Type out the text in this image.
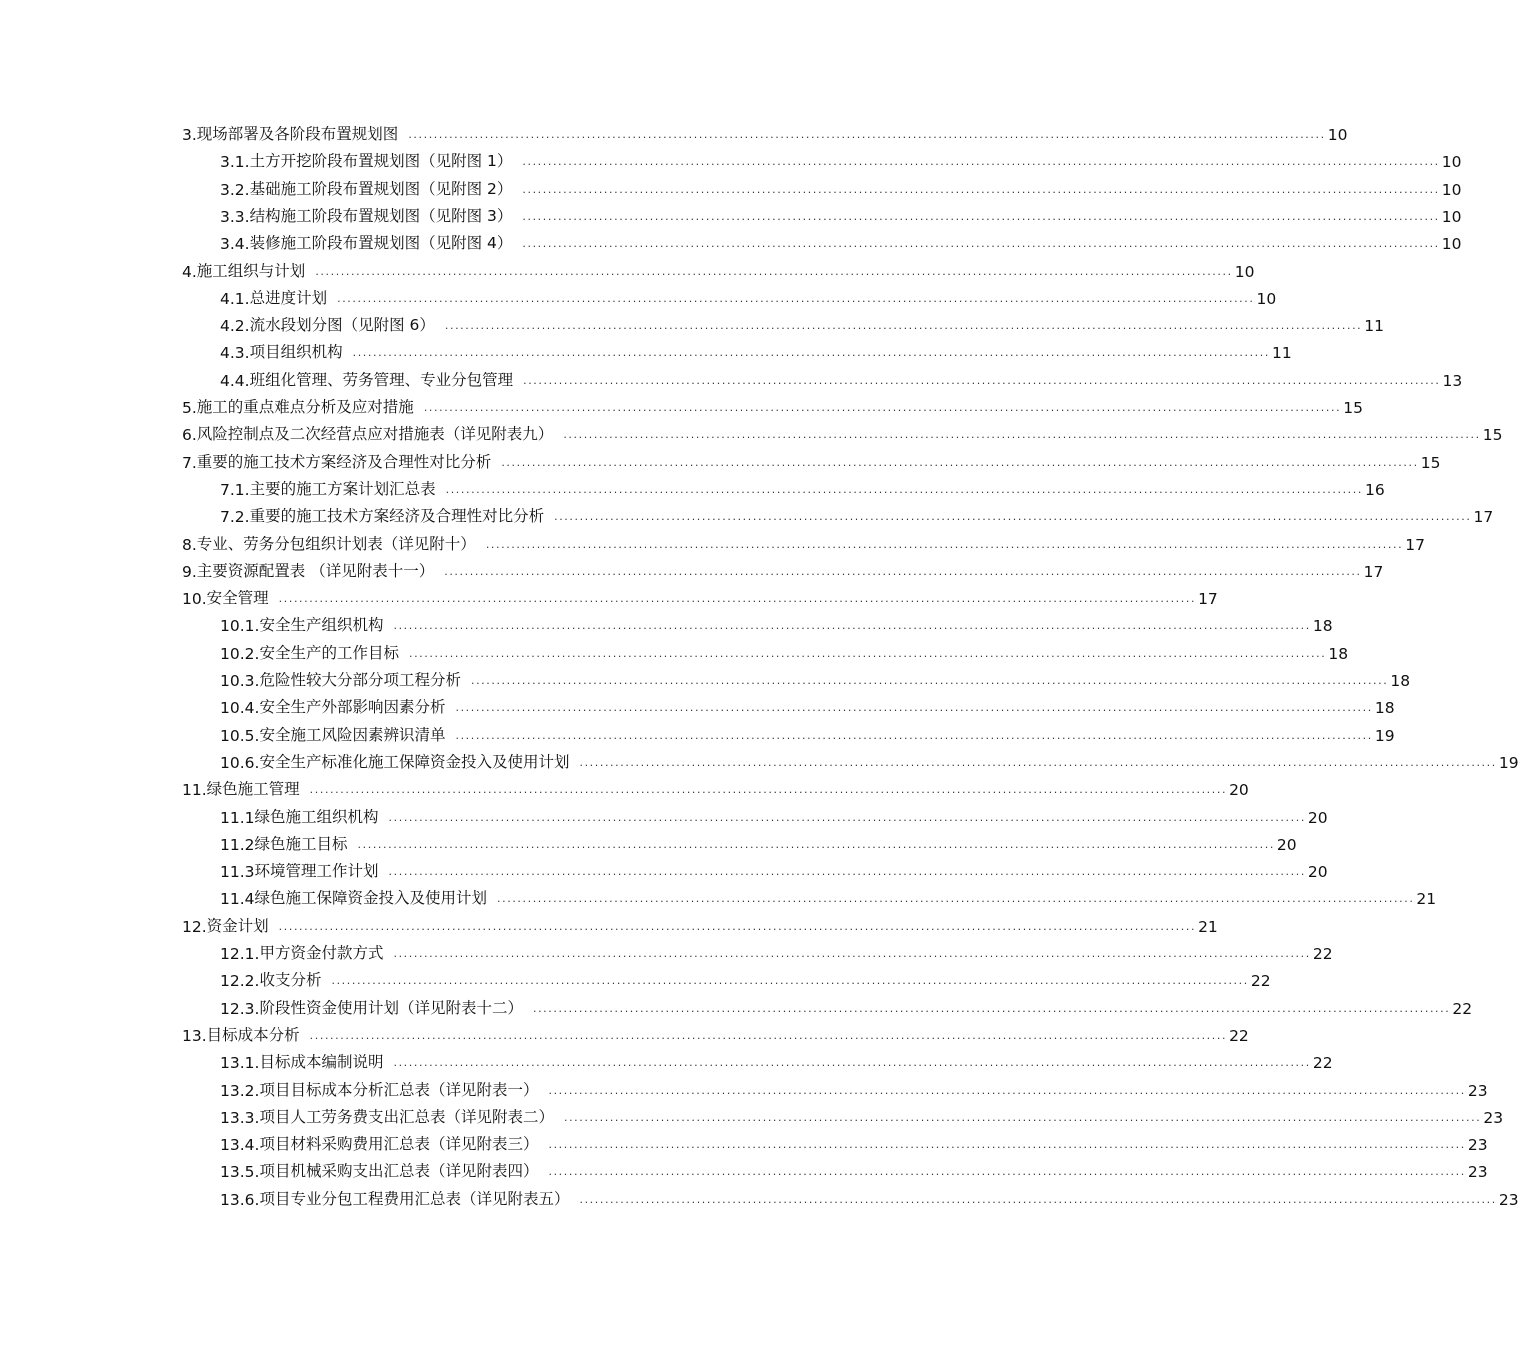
3. 现场部署及各阶段布置规划图 .................................................................................................................................................................................... 10
3.1. 土方开挖阶段布置规划图（见附图 1） .................................................................................................................................................................................... 10
3.2. 基础施工阶段布置规划图（见附图 2） .................................................................................................................................................................................... 10
3.3. 结构施工阶段布置规划图（见附图 3） .................................................................................................................................................................................... 10
3.4. 装修施工阶段布置规划图（见附图 4） .................................................................................................................................................................................... 10
4. 施工组织与计划 .................................................................................................................................................................................... 10
4.1. 总进度计划 .................................................................................................................................................................................... 10
4.2. 流水段划分图（见附图 6） .................................................................................................................................................................................... 11
4.3. 项目组织机构 .................................................................................................................................................................................... 11
4.4. 班组化管理、劳务管理、专业分包管理 .................................................................................................................................................................................... 13
5. 施工的重点难点分析及应对措施 .................................................................................................................................................................................... 15
6. 风险控制点及二次经营点应对措施表（详见附表九） .................................................................................................................................................................................... 15
7. 重要的施工技术方案经济及合理性对比分析 .................................................................................................................................................................................... 15
7.1. 主要的施工方案计划汇总表 .................................................................................................................................................................................... 16
7.2. 重要的施工技术方案经济及合理性对比分析 .................................................................................................................................................................................... 17
8. 专业、劳务分包组织计划表（详见附十） .................................................................................................................................................................................... 17
9. 主要资源配置表 （详见附表十一） .................................................................................................................................................................................... 17
10. 安全管理 .................................................................................................................................................................................... 17
10.1. 安全生产组织机构 .................................................................................................................................................................................... 18
10.2. 安全生产的工作目标 .................................................................................................................................................................................... 18
10.3. 危险性较大分部分项工程分析 .................................................................................................................................................................................... 18
10.4. 安全生产外部影响因素分析 .................................................................................................................................................................................... 18
10.5. 安全施工风险因素辨识清单 .................................................................................................................................................................................... 19
10.6. 安全生产标准化施工保障资金投入及使用计划 .................................................................................................................................................................................... 19
11. 绿色施工管理 .................................................................................................................................................................................... 20
11.1 绿色施工组织机构 .................................................................................................................................................................................... 20
11.2 绿色施工目标 .................................................................................................................................................................................... 20
11.3 环境管理工作计划 .................................................................................................................................................................................... 20
11.4 绿色施工保障资金投入及使用计划 .................................................................................................................................................................................... 21
12. 资金计划 .................................................................................................................................................................................... 21
12.1. 甲方资金付款方式 .................................................................................................................................................................................... 22
12.2. 收支分析 .................................................................................................................................................................................... 22
12.3. 阶段性资金使用计划（详见附表十二） .................................................................................................................................................................................... 22
13. 目标成本分析 .................................................................................................................................................................................... 22
13.1. 目标成本编制说明 .................................................................................................................................................................................... 22
13.2. 项目目标成本分析汇总表（详见附表一） .................................................................................................................................................................................... 23
13.3. 项目人工劳务费支出汇总表（详见附表二） .................................................................................................................................................................................... 23
13.4. 项目材料采购费用汇总表（详见附表三） .................................................................................................................................................................................... 23
13.5. 项目机械采购支出汇总表（详见附表四） .................................................................................................................................................................................... 23
13.6. 项目专业分包工程费用汇总表（详见附表五） .................................................................................................................................................................................... 23
